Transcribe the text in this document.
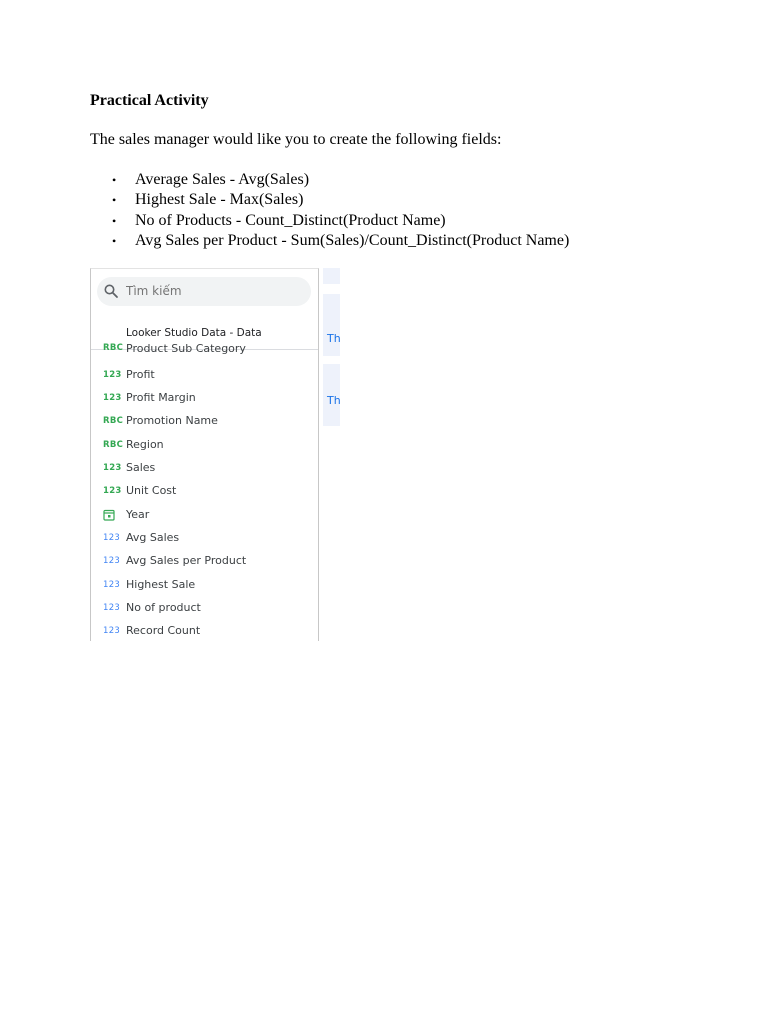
Practical Activity

The sales manager would like you to create the following fields:

• Average Sales - Avg(Sales)
• Highest Sale - Max(Sales)
• No of Products - Count_Distinct(Product Name)
• Avg Sales per Product - Sum(Sales)/Count_Distinct(Product Name)
Tìm kiếm
Looker Studio Data - Data
RBC Product Sub Category
123 Profit
123 Profit Margin
RBC Promotion Name
RBC Region
123 Sales
123 Unit Cost
Year
123 Avg Sales
123 Avg Sales per Product
123 Highest Sale
123 No of product
123 Record Count
Th
Th
